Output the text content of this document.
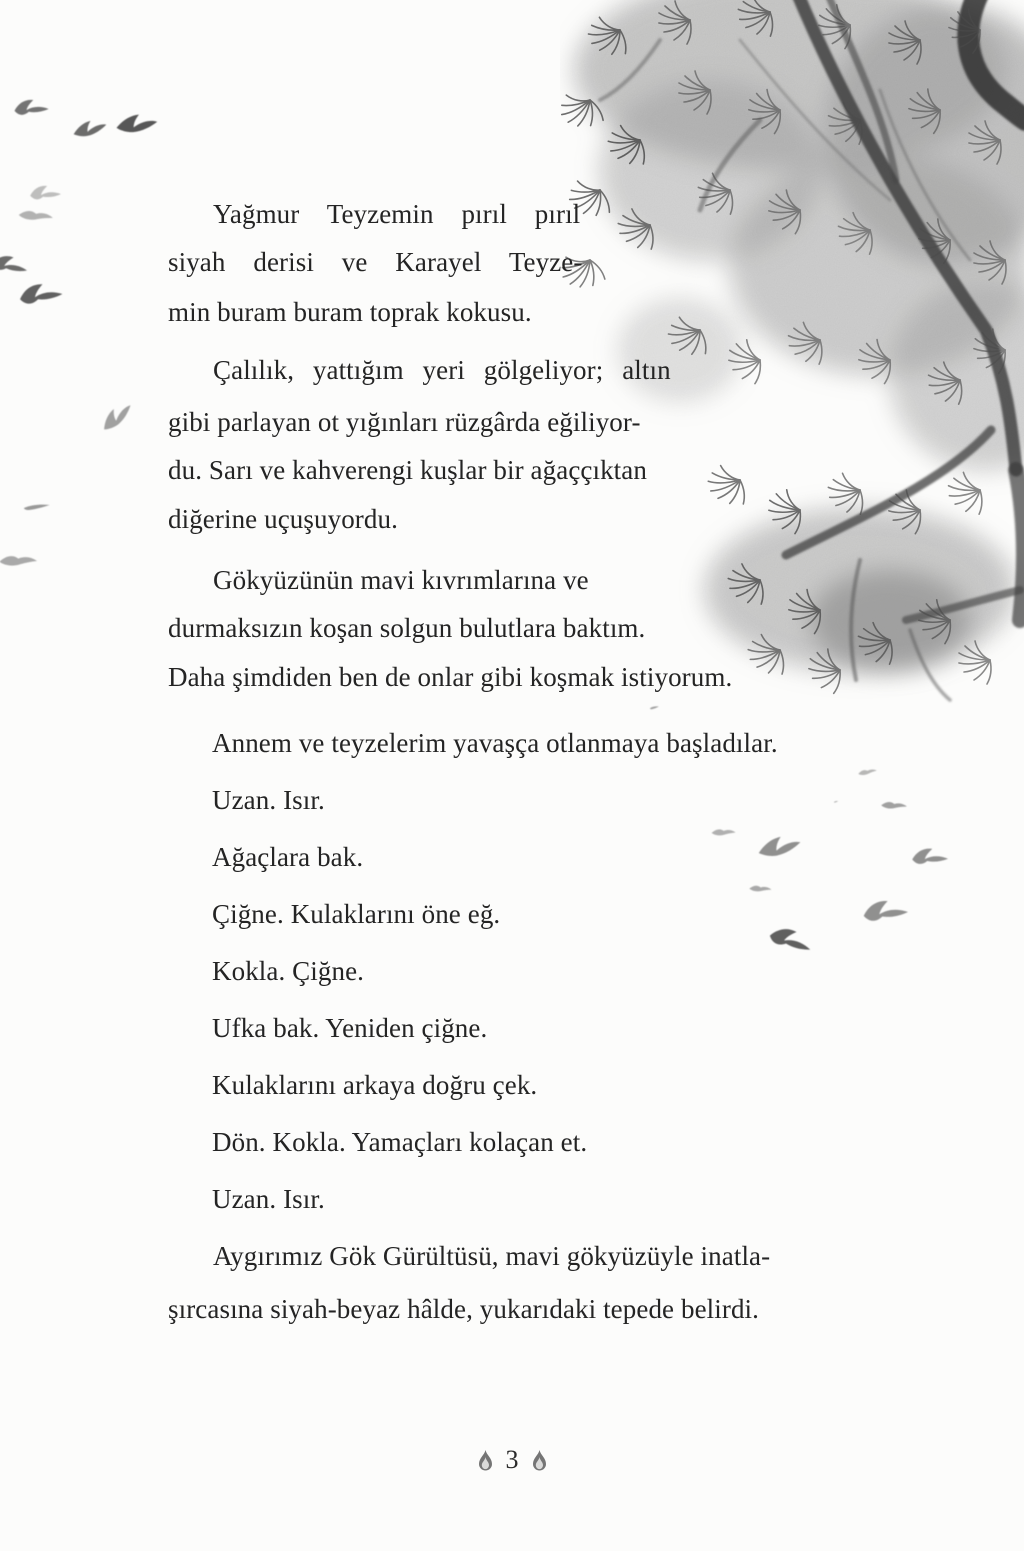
Yağmur Teyzemin pırıl pırıl
siyah derisi ve Karayel Teyze-
min buram buram toprak kokusu.
Çalılık, yattığım yeri gölgeliyor; altın
gibi parlayan ot yığınları rüzgârda eğiliyor-
du. Sarı ve kahverengi kuşlar bir ağaççıktan
diğerine uçuşuyordu.
Gökyüzünün mavi kıvrımlarına ve
durmaksızın koşan solgun bulutlara baktım.
Daha şimdiden ben de onlar gibi koşmak istiyorum.
Annem ve teyzelerim yavaşça otlanmaya başladılar.
Uzan. Isır.
Ağaçlara bak.
Çiğne. Kulaklarını öne eğ.
Kokla. Çiğne.
Ufka bak. Yeniden çiğne.
Kulaklarını arkaya doğru çek.
Dön. Kokla. Yamaçları kolaçan et.
Uzan. Isır.
Aygırımız Gök Gürültüsü, mavi gökyüzüyle inatla-
şırcasına siyah-beyaz hâlde, yukarıdaki tepede belirdi.
3
